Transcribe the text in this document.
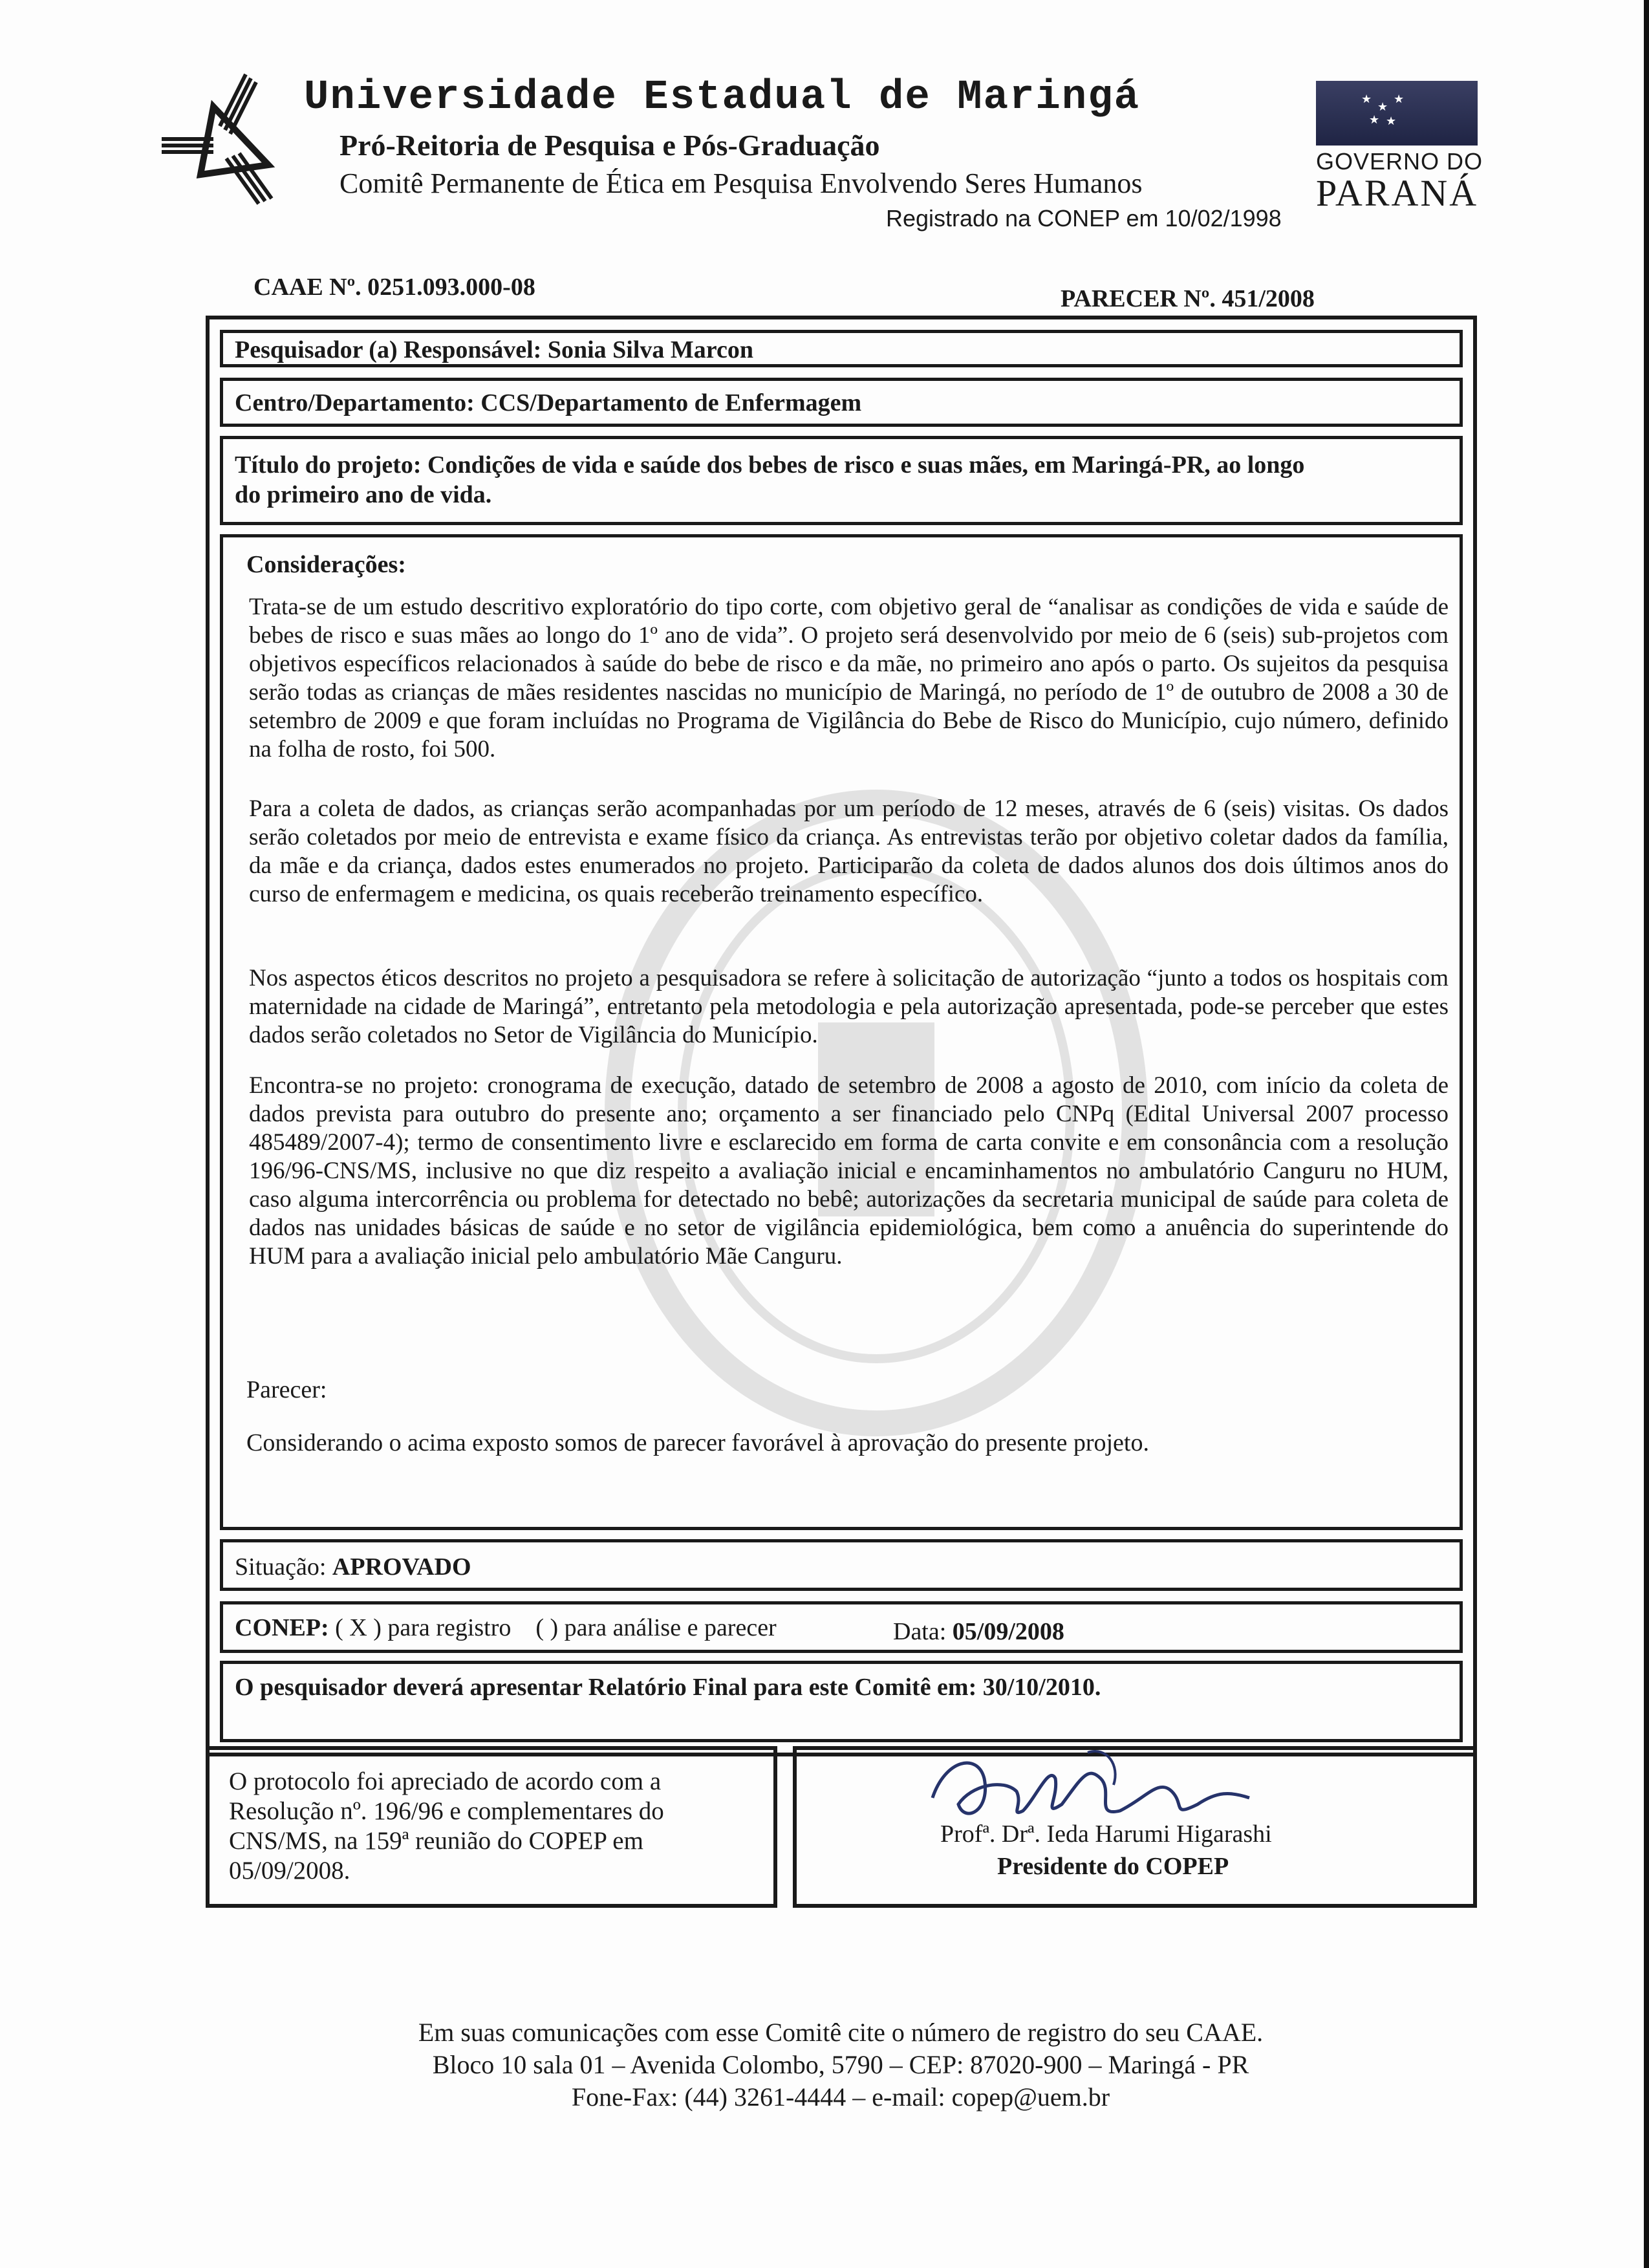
Universidade Estadual de Maringá
Pró-Reitoria de Pesquisa e Pós-Graduação
Comitê Permanente de Ética em Pesquisa Envolvendo Seres Humanos
Registrado na CONEP em 10/02/1998
★
★
★
★ ★
GOVERNO DO
PARANÁ
CAAE Nº. 0251.093.000-08	PARECER Nº. 451/2008
Pesquisador (a) Responsável: Sonia Silva Marcon
Centro/Departamento: CCS/Departamento de Enfermagem
Título do projeto: Condições de vida e saúde dos bebes de risco e suas mães, em Maringá-PR, ao longo
do primeiro ano de vida.
Considerações:

Trata-se de um estudo descritivo exploratório do tipo corte, com objetivo geral de “analisar as condições de vida e saúde de bebes de risco e suas mães ao longo do 1º ano de vida”. O projeto será desenvolvido por meio de 6 (seis) sub-projetos com objetivos específicos relacionados à saúde do bebe de risco e da mãe, no primeiro ano após o parto. Os sujeitos da pesquisa serão todas as crianças de mães residentes nascidas no município de Maringá, no período de 1º de outubro de 2008 a 30 de setembro de 2009 e que foram incluídas no Programa de Vigilância do Bebe de Risco do Município, cujo número, definido na folha de rosto, foi 500.

Para a coleta de dados, as crianças serão acompanhadas por um período de 12 meses, através de 6 (seis) visitas. Os dados serão coletados por meio de entrevista e exame físico da criança. As entrevistas terão por objetivo coletar dados da família, da mãe e da criança, dados estes enumerados no projeto. Participarão da coleta de dados alunos dos dois últimos anos do curso de enfermagem e medicina, os quais receberão treinamento específico.

Nos aspectos éticos descritos no projeto a pesquisadora se refere à solicitação de autorização “junto a todos os hospitais com maternidade na cidade de Maringá”, entretanto pela metodologia e pela autorização apresentada, pode-se perceber que estes dados serão coletados no Setor de Vigilância do Município.

Encontra-se no projeto: cronograma de execução, datado de setembro de 2008 a agosto de 2010, com início da coleta de dados prevista para outubro do presente ano; orçamento a ser financiado pelo CNPq (Edital Universal 2007 processo 485489/2007-4); termo de consentimento livre e esclarecido em forma de carta convite e em consonância com a resolução 196/96-CNS/MS, inclusive no que diz respeito a avaliação inicial e encaminhamentos no ambulatório Canguru no HUM, caso alguma intercorrência ou problema for detectado no bebê; autorizações da secretaria municipal de saúde para coleta de dados nas unidades básicas de saúde e no setor de vigilância epidemiológica, bem como a anuência do superintende do HUM para a avaliação inicial pelo ambulatório Mãe Canguru.

Parecer:
Considerando o acima exposto somos de parecer favorável à aprovação do presente projeto.
Situação: APROVADO
CONEP: ( X ) para registro ( ) para análise e parecer	Data: 05/09/2008
O pesquisador deverá apresentar Relatório Final para este Comitê em: 30/10/2010.
O protocolo foi apreciado de acordo com a
Resolução nº. 196/96 e complementares do
CNS/MS, na 159ª reunião do COPEP em
05/09/2008.
Profª. Drª. Ieda Harumi Higarashi
Presidente do COPEP
Em suas comunicações com esse Comitê cite o número de registro do seu CAAE.
Bloco 10 sala 01 – Avenida Colombo, 5790 – CEP: 87020-900 – Maringá - PR
Fone-Fax: (44) 3261-4444 – e-mail: copep@uem.br
